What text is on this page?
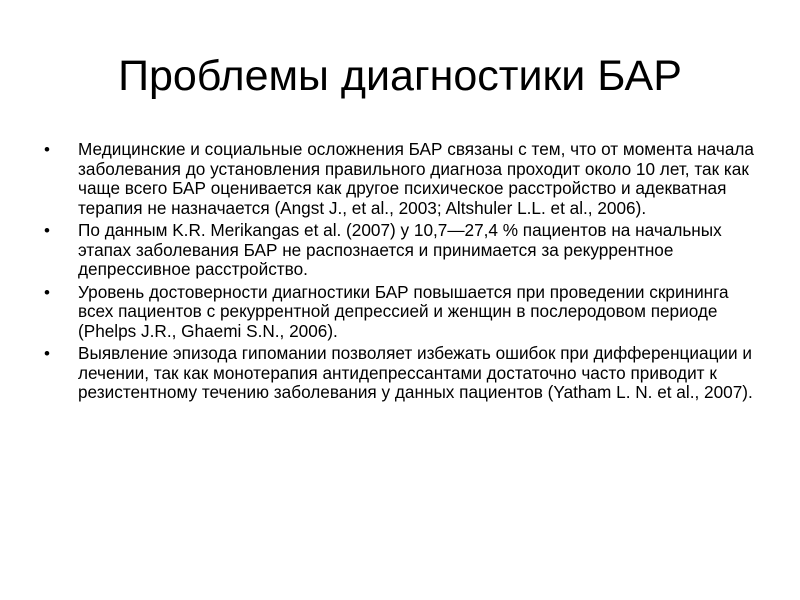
Проблемы диагностики БАР
• Медицинские и социальные осложнения БАР связаны с тем, что от момента начала заболевания до установления правильного диагноза проходит около 10 лет, так как чаще всего БАР оценивается как другое психическое расстройство и адекватная терапия не назначается (Angst J., et al., 2003; Altshuler L.L. et al., 2006).
• По данным K.R. Merikangas et al. (2007) у 10,7—27,4 % пациентов на начальных этапах заболевания БАР не распознается и принимается за рекуррентное депрессивное расстройство.
• Уровень достоверности диагностики БАР повышается при проведении скрининга всех пациентов с рекуррентной депрессией и женщин в послеродовом периоде (Phelps J.R., Ghaemi S.N., 2006).
• Выявление эпизода гипомании позволяет избежать ошибок при дифференциации и лечении, так как монотерапия антидепрессантами достаточно часто приводит к резистентному течению заболевания у данных пациентов (Yatham L. N. et al., 2007).
